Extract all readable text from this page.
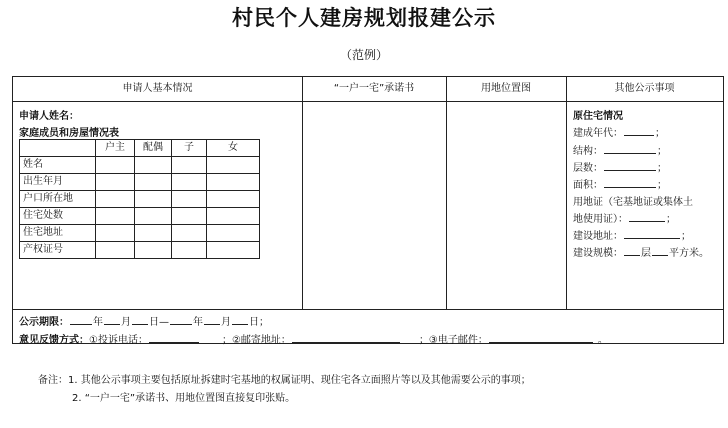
村民个人建房规划报建公示
（范例）
申请人基本情况	“一户一宅”承诺书	用地位置图	其他公示事项
申请人姓名：
家庭成员和房屋情况表
	户主	配偶	子	女
姓名				
出生年月				
户口所在地				
住宅处数				
住宅地址				
产权证号				
原住宅情况
建成年代：	；
结构：	；
层数：	；
面积：	；
用地证（宅基地证或集体土
地使用证）：	；
建设地址：	；
建设规模： 层 平方米。
公示期限： 年 月 日— 年 月 日；
意见反馈方式：①投诉电话：	；②邮寄地址：	；③电子邮件：	。
备注：1. 其他公示事项主要包括原址拆建时宅基地的权属证明、现住宅各立面照片等以及其他需要公示的事项；
2. “一户一宅”承诺书、用地位置图直接复印张贴。
